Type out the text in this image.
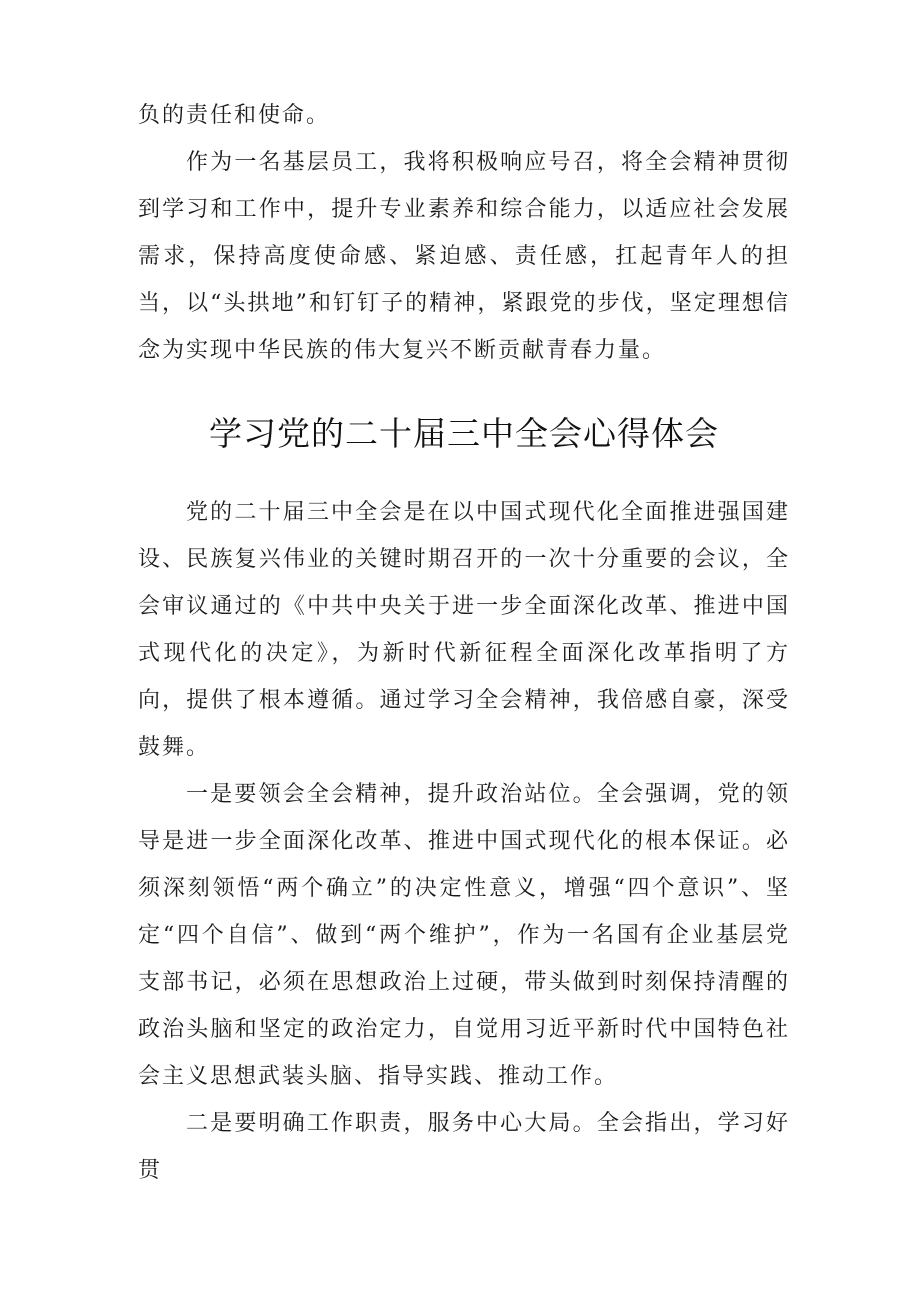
负的责任和使命。

作为一名基层员工，我将积极响应号召，将全会精神贯彻到学习和工作中，提升专业素养和综合能力，以适应社会发展需求，保持高度使命感、紧迫感、责任感，扛起青年人的担当，以“头拱地”和钉钉子的精神，紧跟党的步伐，坚定理想信念为实现中华民族的伟大复兴不断贡献青春力量。

学习党的二十届三中全会心得体会

党的二十届三中全会是在以中国式现代化全面推进强国建设、民族复兴伟业的关键时期召开的一次十分重要的会议，全会审议通过的《中共中央关于进一步全面深化改革、推进中国式现代化的决定》，为新时代新征程全面深化改革指明了方向，提供了根本遵循。通过学习全会精神，我倍感自豪，深受鼓舞。

一是要领会全会精神，提升政治站位。全会强调，党的领导是进一步全面深化改革、推进中国式现代化的根本保证。必须深刻领悟“两个确立”的决定性意义，增强“四个意识”、坚定“四个自信”、做到“两个维护”，作为一名国有企业基层党支部书记，必须在思想政治上过硬，带头做到时刻保持清醒的政治头脑和坚定的政治定力，自觉用习近平新时代中国特色社会主义思想武装头脑、指导实践、推动工作。

二是要明确工作职责，服务中心大局。全会指出，学习好贯
